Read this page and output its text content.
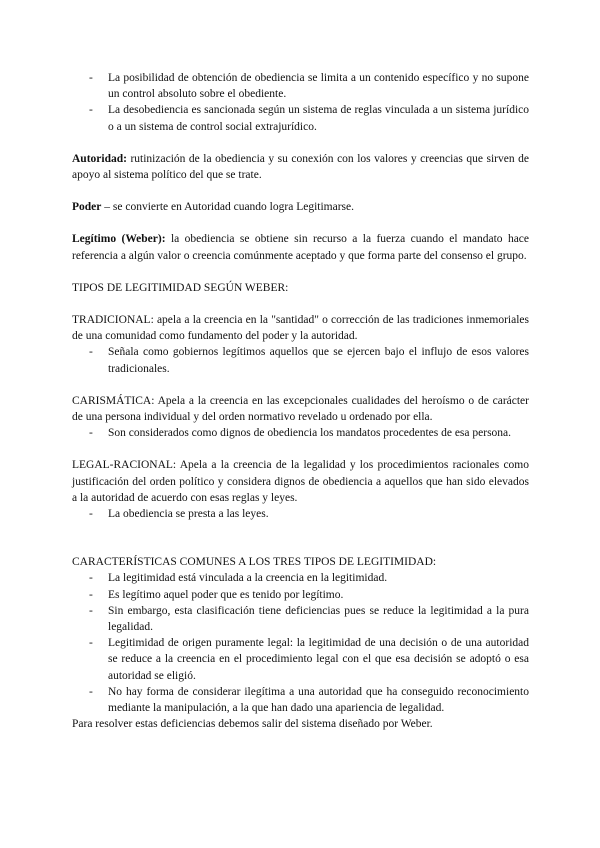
- La posibilidad de obtención de obediencia se limita a un contenido específico y no supone un control absoluto sobre el obediente.
- La desobediencia es sancionada según un sistema de reglas vinculada a un sistema jurídico o a un sistema de control social extrajurídico.

Autoridad: rutinización de la obediencia y su conexión con los valores y creencias que sirven de apoyo al sistema político del que se trate.

Poder – se convierte en Autoridad cuando logra Legitimarse.

Legítimo (Weber): la obediencia se obtiene sin recurso a la fuerza cuando el mandato hace referencia a algún valor o creencia comúnmente aceptado y que forma parte del consenso el grupo.

TIPOS DE LEGITIMIDAD SEGÚN WEBER:

TRADICIONAL: apela a la creencia en la "santidad" o corrección de las tradiciones inmemoriales de una comunidad como fundamento del poder y la autoridad.

- Señala como gobiernos legítimos aquellos que se ejercen bajo el influjo de esos valores tradicionales.

CARISMÁTICA: Apela a la creencia en las excepcionales cualidades del heroísmo o de carácter de una persona individual y del orden normativo revelado u ordenado por ella.

- Son considerados como dignos de obediencia los mandatos procedentes de esa persona.

LEGAL-RACIONAL: Apela a la creencia de la legalidad y los procedimientos racionales como justificación del orden político y considera dignos de obediencia a aquellos que han sido elevados a la autoridad de acuerdo con esas reglas y leyes.

- La obediencia se presta a las leyes.

CARACTERÍSTICAS COMUNES A LOS TRES TIPOS DE LEGITIMIDAD:

- La legitimidad está vinculada a la creencia en la legitimidad.
- Es legítimo aquel poder que es tenido por legítimo.
- Sin embargo, esta clasificación tiene deficiencias pues se reduce la legitimidad a la pura legalidad.
- Legitimidad de origen puramente legal: la legitimidad de una decisión o de una autoridad se reduce a la creencia en el procedimiento legal con el que esa decisión se adoptó o esa autoridad se eligió.
- No hay forma de considerar ilegítima a una autoridad que ha conseguido reconocimiento mediante la manipulación, a la que han dado una apariencia de legalidad.

Para resolver estas deficiencias debemos salir del sistema diseñado por Weber.
